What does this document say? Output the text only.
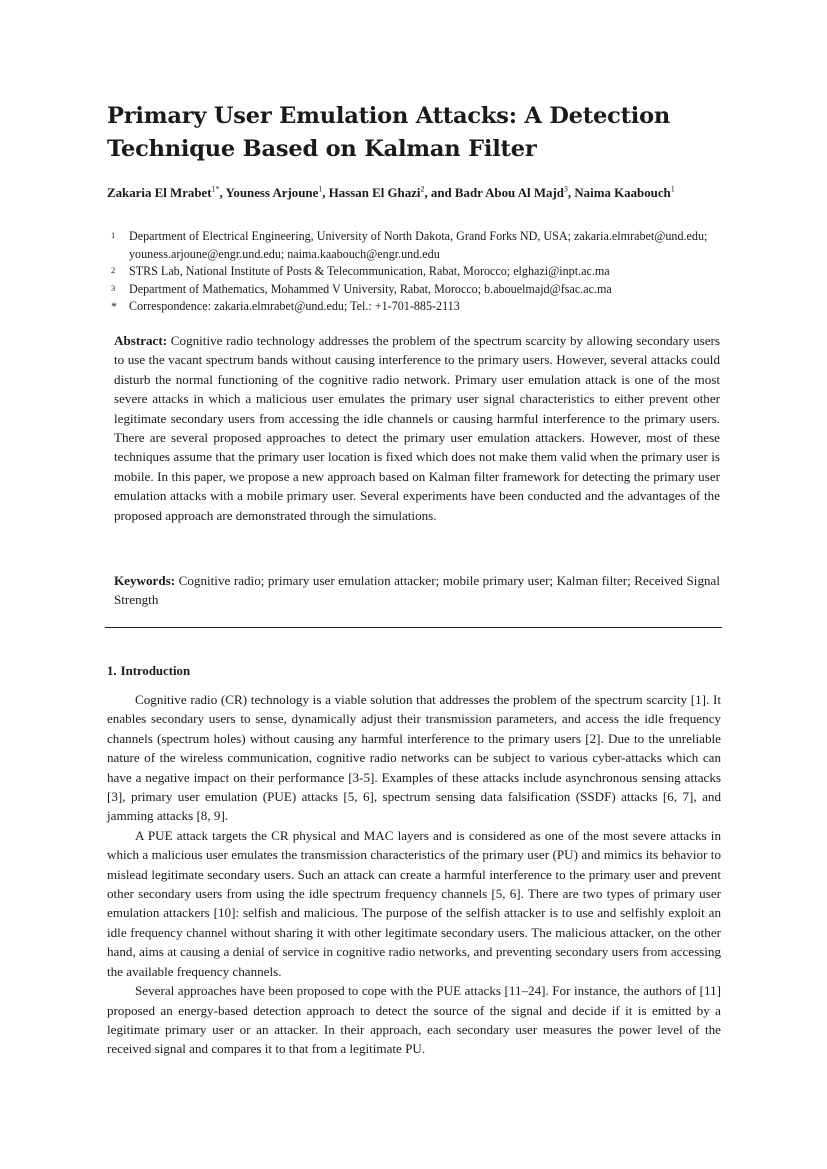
Primary User Emulation Attacks: A Detection Technique Based on Kalman Filter
Zakaria El Mrabet$^{1*}$, Youness Arjoune$^1$, Hassan El Ghazi$^2$, and Badr Abou Al Majd$^3$, Naima Kaabouch$^1$
1	Department of Electrical Engineering, University of North Dakota, Grand Forks ND, USA; zakaria.elmrabet@und.edu; youness.arjoune@engr.und.edu; naima.kaabouch@engr.und.edu
2	STRS Lab, National Institute of Posts & Telecommunication, Rabat, Morocco; elghazi@inpt.ac.ma
3	Department of Mathematics, Mohammed V University, Rabat, Morocco; b.abouelmajd@fsac.ac.ma
* Correspondence: zakaria.elmrabet@und.edu; Tel.: +1-701-885-2113

Abstract: Cognitive radio technology addresses the problem of the spectrum scarcity by allowing secondary users to use the vacant spectrum bands without causing interference to the primary users. However, several attacks could disturb the normal functioning of the cognitive radio network. Primary user emulation attack is one of the most severe attacks in which a malicious user emulates the primary user signal characteristics to either prevent other legitimate secondary users from accessing the idle channels or causing harmful interference to the primary users. There are several proposed approaches to detect the primary user emulation attackers. However, most of these techniques assume that the primary user location is fixed which does not make them valid when the primary user is mobile. In this paper, we propose a new approach based on Kalman filter framework for detecting the primary user emulation attacks with a mobile primary user. Several experiments have been conducted and the advantages of the proposed approach are demonstrated through the simulations.

Keywords: Cognitive radio; primary user emulation attacker; mobile primary user; Kalman filter; Received Signal Strength

1. Introduction

Cognitive radio (CR) technology is a viable solution that addresses the problem of the spectrum scarcity [1]. It enables secondary users to sense, dynamically adjust their transmission parameters, and access the idle frequency channels (spectrum holes) without causing any harmful interference to the primary users [2]. Due to the unreliable nature of the wireless communication, cognitive radio networks can be subject to various cyber-attacks which can have a negative impact on their performance [3-5]. Examples of these attacks include asynchronous sensing attacks [3], primary user emulation (PUE) attacks [5, 6], spectrum sensing data falsification (SSDF) attacks [6, 7], and jamming attacks [8, 9].

A PUE attack targets the CR physical and MAC layers and is considered as one of the most severe attacks in which a malicious user emulates the transmission characteristics of the primary user (PU) and mimics its behavior to mislead legitimate secondary users. Such an attack can create a harmful interference to the primary user and prevent other secondary users from using the idle spectrum frequency channels [5, 6]. There are two types of primary user emulation attackers [10]: selfish and malicious. The purpose of the selfish attacker is to use and selfishly exploit an idle frequency channel without sharing it with other legitimate secondary users. The malicious attacker, on the other hand, aims at causing a denial of service in cognitive radio networks, and preventing secondary users from accessing the available frequency channels.

Several approaches have been proposed to cope with the PUE attacks [11–24]. For instance, the authors of [11] proposed an energy-based detection approach to detect the source of the signal and decide if it is emitted by a legitimate primary user or an attacker. In their approach, each secondary user measures the power level of the received signal and compares it to that from a legitimate PU.
